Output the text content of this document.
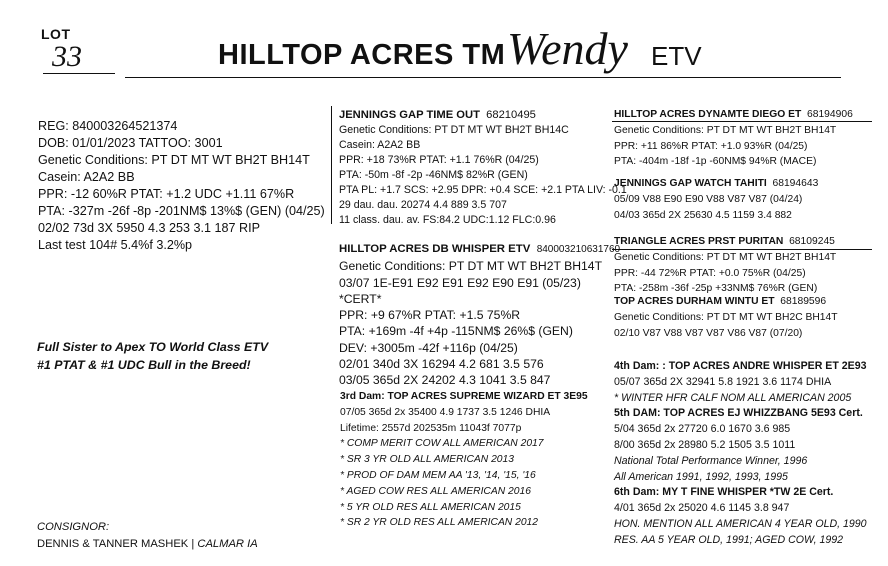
LOT
33	HILLTOP ACRES TM Wendy ETV
REG: 840003264521374
DOB: 01/01/2023 TATTOO: 3001
Genetic Conditions: PT DT MT WT BH2T BH14T
Casein: A2A2 BB
PPR: -12 60%R PTAT: +1.2 UDC +1.11 67%R
PTA: -327m -26f -8p -201NM$ 13%$ (GEN) (04/25)
02/02 73d 3X 5950 4.3 253 3.1 187 RIP
Last test 104# 5.4%f 3.2%p
Full Sister to Apex TO World Class ETV
#1 PTAT & #1 UDC Bull in the Breed!
CONSIGNOR:
DENNIS & TANNER MASHEK | CALMAR IA
JENNINGS GAP TIME OUT 68210495
Genetic Conditions: PT DT MT WT BH2T BH14C
Casein: A2A2 BB
PPR: +18 73%R PTAT: +1.1 76%R (04/25)
PTA: -50m -8f -2p -46NM$ 82%R (GEN)
PTA PL: +1.7 SCS: +2.95 DPR: +0.4 SCE: +2.1 PTA LIV: -0.1
29 dau. dau. 20274 4.4 889 3.5 707
11 class. dau. av. FS:84.2 UDC:1.12 FLC:0.96
HILLTOP ACRES DB WHISPER ETV 840003210631760
Genetic Conditions: PT DT MT WT BH2T BH14T
03/07 1E-E91 E92 E91 E92 E90 E91 (05/23)
*CERT*
PPR: +9 67%R PTAT: +1.5 75%R
PTA: +169m -4f +4p -115NM$ 26%$ (GEN)
DEV: +3005m -42f +116p (04/25)
02/01 340d 3X 16294 4.2 681 3.5 576
03/05 365d 2X 24202 4.3 1041 3.5 847
3rd Dam: TOP ACRES SUPREME WIZARD ET 3E95
07/05 365d 2x 35400 4.9 1737 3.5 1246 DHIA
Lifetime: 2557d 202535m 11043f 7077p
* COMP MERIT COW ALL AMERICAN 2017
* SR 3 YR OLD ALL AMERICAN 2013
* PROD OF DAM MEM AA '13, '14, '15, '16
* AGED COW RES ALL AMERICAN 2016
* 5 YR OLD RES ALL AMERICAN 2015
* SR 2 YR OLD RES ALL AMERICAN 2012
HILLTOP ACRES DYNAMTE DIEGO ET 68194906
Genetic Conditions: PT DT MT WT BH2T BH14T
PPR: +11 86%R PTAT: +1.0 93%R (04/25)
PTA: -404m -18f -1p -60NM$ 94%R (MACE)
JENNINGS GAP WATCH TAHITI 68194643
05/09 V88 E90 E90 V88 V87 V87 (04/24)
04/03 365d 2X 25630 4.5 1159 3.4 882
TRIANGLE ACRES PRST PURITAN 68109245
Genetic Conditions: PT DT MT WT BH2T BH14T
PPR: -44 72%R PTAT: +0.0 75%R (04/25)
PTA: -258m -36f -25p +33NM$ 76%R (GEN)
TOP ACRES DURHAM WINTU ET 68189596
Genetic Conditions: PT DT MT WT BH2C BH14T
02/10 V87 V88 V87 V87 V86 V87 (07/20)
4th Dam: : TOP ACRES ANDRE WHISPER ET 2E93
05/07 365d 2X 32941 5.8 1921 3.6 1174 DHIA
* WINTER HFR CALF NOM ALL AMERICAN 2005
5th DAM: TOP ACRES EJ WHIZZBANG 5E93 Cert.
5/04 365d 2x 27720 6.0 1670 3.6 985
8/00 365d 2x 28980 5.2 1505 3.5 1011
National Total Performance Winner, 1996
All American 1991, 1992, 1993, 1995
6th Dam: MY T FINE WHISPER *TW 2E Cert.
4/01 365d 2x 25020 4.6 1145 3.8 947
HON. MENTION ALL AMERICAN 4 YEAR OLD, 1990
RES. AA 5 YEAR OLD, 1991; AGED COW, 1992
